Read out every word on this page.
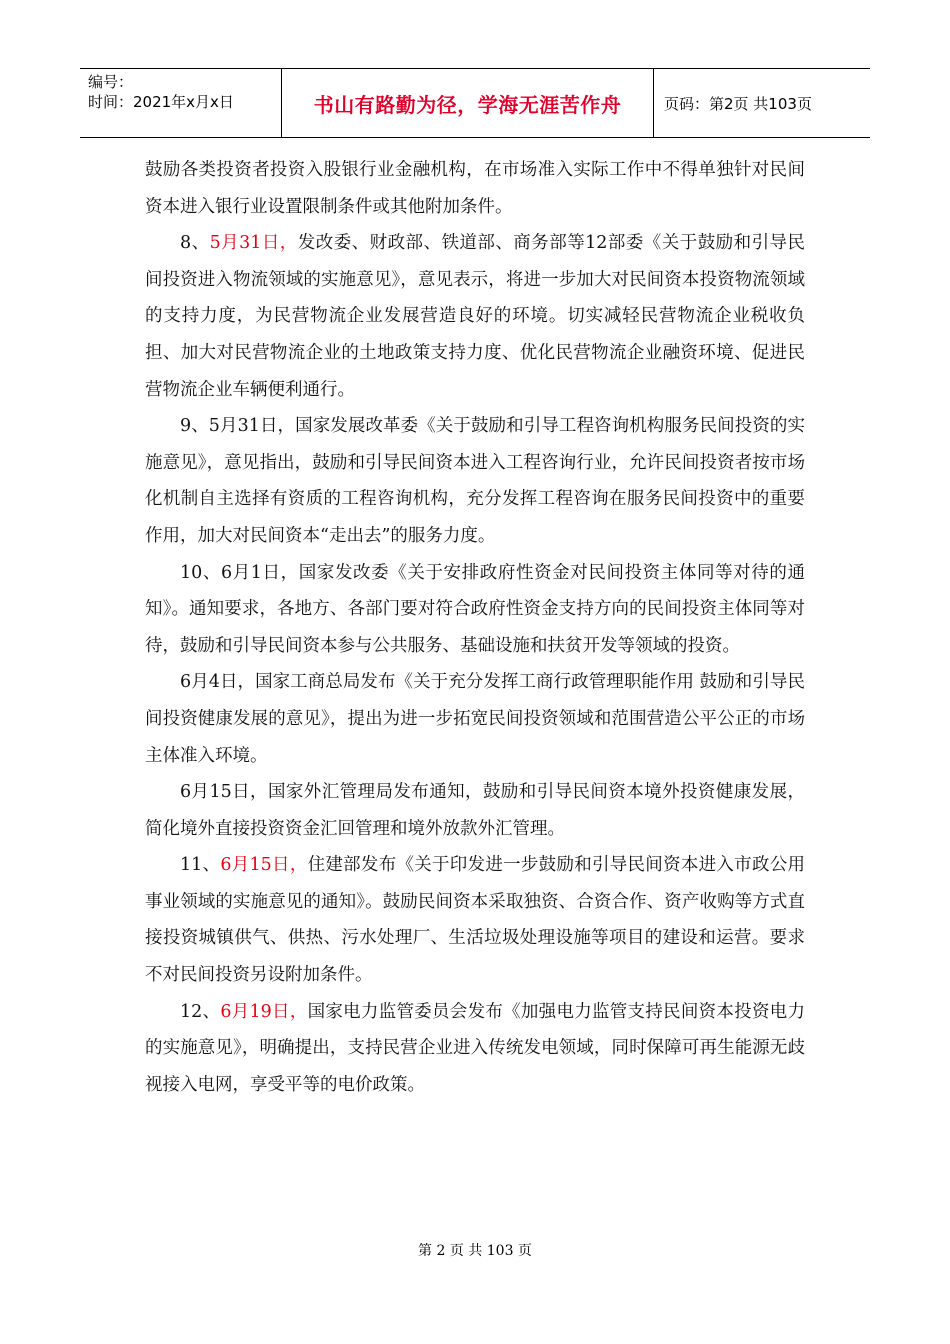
编号：
时间：2021年x月x日	书山有路勤为径，学海无涯苦作舟	页码：第2页 共103页

鼓励各类投资者投资入股银行业金融机构，在市场准入实际工作中不得单独针对民间资本进入银行业设置限制条件或其他附加条件。

8、5月31日，发改委、财政部、铁道部、商务部等12部委《关于鼓励和引导民间投资进入物流领域的实施意见》，意见表示，将进一步加大对民间资本投资物流领域的支持力度，为民营物流企业发展营造良好的环境。切实减轻民营物流企业税收负担、加大对民营物流企业的土地政策支持力度、优化民营物流企业融资环境、促进民营物流企业车辆便利通行。

9、5月31日，国家发展改革委《关于鼓励和引导工程咨询机构服务民间投资的实施意见》，意见指出，鼓励和引导民间资本进入工程咨询行业，允许民间投资者按市场化机制自主选择有资质的工程咨询机构，充分发挥工程咨询在服务民间投资中的重要作用，加大对民间资本“走出去”的服务力度。

10、6月1日，国家发改委《关于安排政府性资金对民间投资主体同等对待的通知》。通知要求，各地方、各部门要对符合政府性资金支持方向的民间投资主体同等对待，鼓励和引导民间资本参与公共服务、基础设施和扶贫开发等领域的投资。

6月4日，国家工商总局发布《关于充分发挥工商行政管理职能作用 鼓励和引导民间投资健康发展的意见》，提出为进一步拓宽民间投资领域和范围营造公平公正的市场主体准入环境。

6月15日，国家外汇管理局发布通知，鼓励和引导民间资本境外投资健康发展，简化境外直接投资资金汇回管理和境外放款外汇管理。

11、6月15日，住建部发布《关于印发进一步鼓励和引导民间资本进入市政公用事业领域的实施意见的通知》。鼓励民间资本采取独资、合资合作、资产收购等方式直接投资城镇供气、供热、污水处理厂、生活垃圾处理设施等项目的建设和运营。要求不对民间投资另设附加条件。

12、6月19日，国家电力监管委员会发布《加强电力监管支持民间资本投资电力的实施意见》，明确提出，支持民营企业进入传统发电领域，同时保障可再生能源无歧视接入电网，享受平等的电价政策。

第 2 页 共 103 页
